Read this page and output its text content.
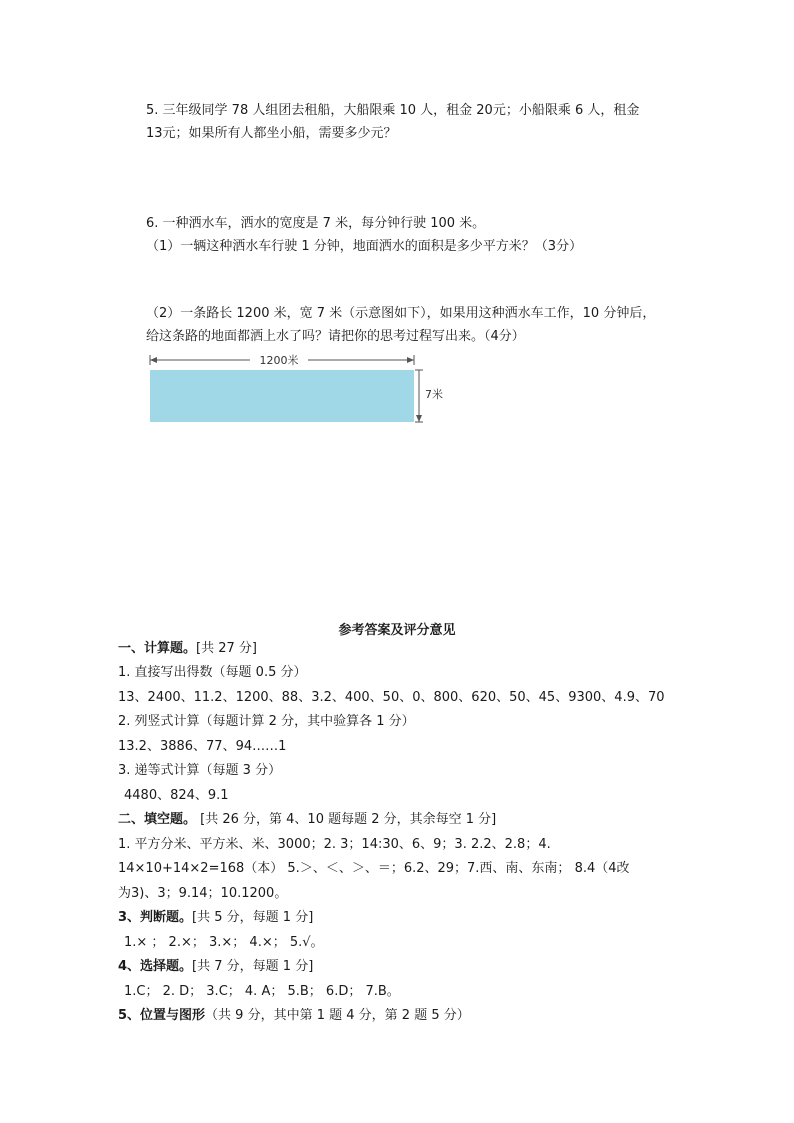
5. 三年级同学 78 人组团去租船，大船限乘 10 人，租金 20元；小船限乘 6 人，租金
13元；如果所有人都坐小船，需要多少元？
6. 一种洒水车，洒水的宽度是 7 米，每分钟行驶 100 米。
（1）一辆这种洒水车行驶 1 分钟，地面洒水的面积是多少平方米？（3分）
（2）一条路长 1200 米，宽 7 米（示意图如下），如果用这种洒水车工作，10 分钟后，
给这条路的地面都洒上水了吗？请把你的思考过程写出来。（4分）
1200米
7米
参考答案及评分意见
一、计算题。[共 27 分]
1. 直接写出得数（每题 0.5 分）
13、2400、11.2、1200、88、3.2、400、50、0、800、620、50、45、9300、4.9、70
2. 列竖式计算（每题计算 2 分，其中验算各 1 分）
13.2、3886、77、94……1
3. 递等式计算（每题 3 分）
4480、824、9.1
二、填空题。 [共 26 分，第 4、10 题每题 2 分，其余每空 1 分]
1. 平方分米、平方米、米、3000；2. 3；14:30、6、9；3. 2.2、2.8；4.
14×10+14×2=168（本） 5.＞、＜、＞、＝；6.2、29；7.西、南、东南； 8.4（4改
为3)、3；9.14；10.1200。
3、判断题。[共 5 分，每题 1 分]
1.× ； 2.×； 3.×； 4.×； 5.√。
4、选择题。[共 7 分，每题 1 分]
1.C； 2. D； 3.C； 4. A； 5.B； 6.D； 7.B。
5、位置与图形（共 9 分，其中第 1 题 4 分，第 2 题 5 分）
